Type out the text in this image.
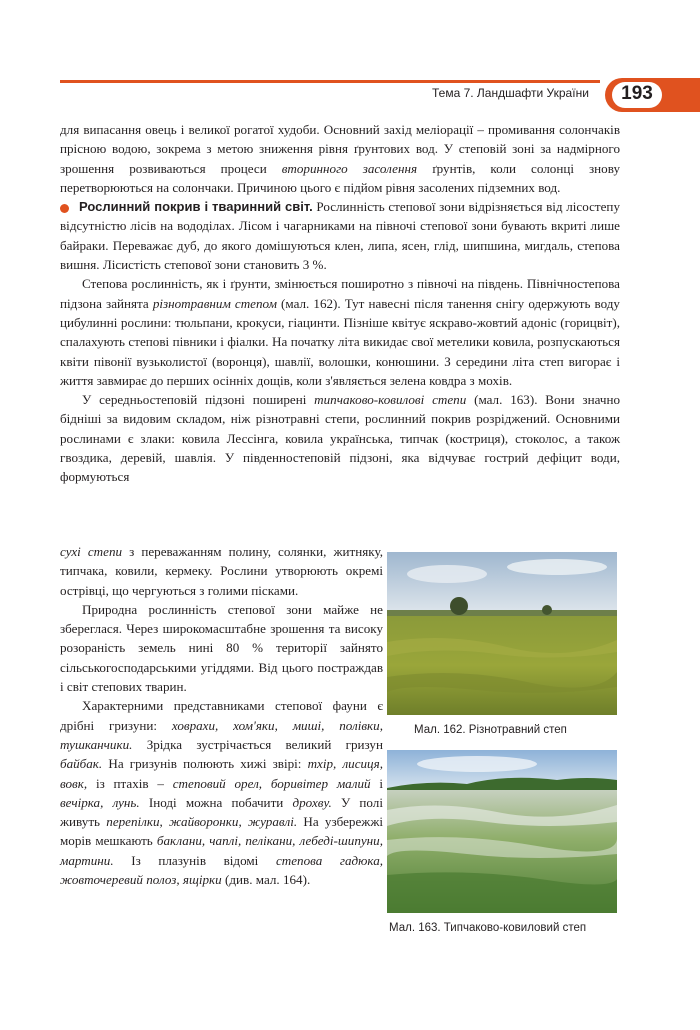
Тема 7. Ландшафти України	193

для випасання овець і великої рогатої худоби. Основний захід меліорації – промивання солончаків прісною водою, зокрема з метою зниження рівня ґрунтових вод. У степовій зоні за надмірного зрошення розвиваються процеси вторинного засолення ґрунтів, коли солонці знову перетворюються на солончаки. Причиною цього є підйом рівня засолених підземних вод.

Рослинний покрив і тваринний світ. Рослинність степової зони відрізняється від лісостепу відсутністю лісів на вододілах. Лісом і чагарниками на півночі степової зони бувають вкриті лише байраки. Переважає дуб, до якого домішуються клен, липа, ясен, глід, шипшина, мигдаль, степова вишня. Лісистість степової зони становить 3 %.

Степова рослинність, як і ґрунти, змінюється поширотно з півночі на південь. Північностепова підзона зайнята різнотравним степом (мал. 162). Тут навесні після танення снігу одержують воду цибулинні рослини: тюльпани, крокуси, гіацинти. Пізніше квітує яскраво-жовтий адоніс (горицвіт), спалахують степові півники і фіалки. На початку літа викидає свої метелики ковила, розпускаються квіти півонії вузьколистої (воронця), шавлії, волошки, конюшини. З середини літа степ вигорає і життя завмирає до перших осінніх дощів, коли з'являється зелена ковдра з мохів.

У середньостеповій підзоні поширені типчаково-ковилові степи (мал. 163). Вони значно бідніші за видовим складом, ніж різнотравні степи, рослинний покрив розріджений. Основними рослинами є злаки: ковила Лессінга, ковила українська, типчак (костриця), стоколос, а також гвоздика, деревій, шавлія. У південностеповій підзоні, яка відчуває гострий дефіцит води, формуються

сухі степи з переважанням полину, солянки, житняку, типчака, ковили, кермеку. Рослини утворюють окремі острівці, що чергуються з голими пісками.

Природна рослинність степової зони майже не збереглася. Через широкомасштабне зрошення та високу розораність земель нині 80 % території зайнято сільськогосподарськими угіддями. Від цього постраждав і світ степових тварин.

Характерними представниками степової фауни є дрібні гризуни: ховрахи, хом'яки, миші, полівки, тушканчики. Зрідка зустрічається великий гризун байбак. На гризунів полюють хижі звірі: тхір, лисиця, вовк, із птахів – степовий орел, боривітер малий і вечірка, лунь. Іноді можна побачити дрохву. У полі живуть перепілки, жайворонки, журавлі. На узбережжі морів мешкають баклани, чаплі, пелікани, лебеді-шипуни, мартини. Із плазунів відомі степова гадюка, жовточеревий полоз, ящірки (див. мал. 164).

Мал. 162. Різнотравний степ
Мал. 163. Типчаково-ковиловий степ
